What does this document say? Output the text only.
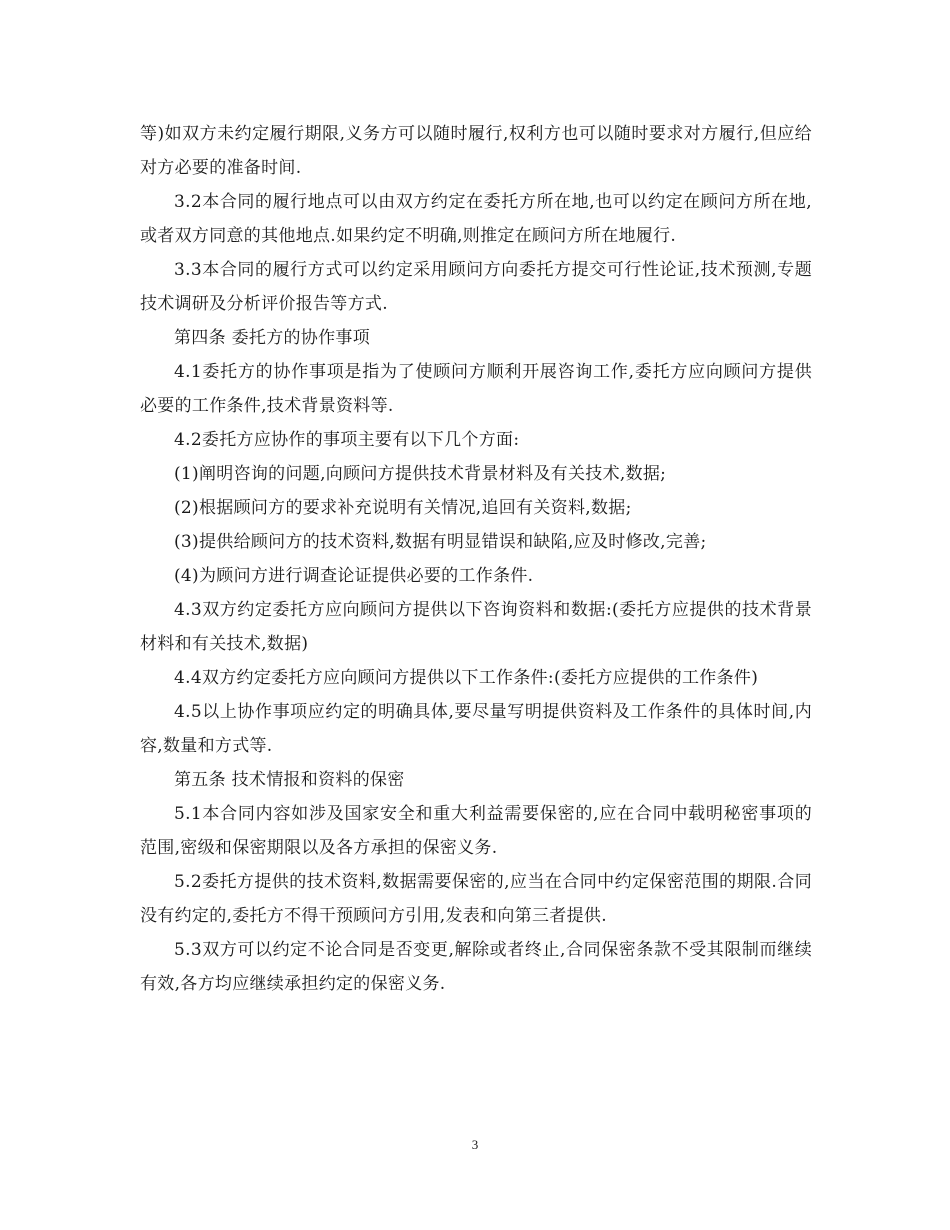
等)如双方未约定履行期限,义务方可以随时履行,权利方也可以随时要求对方履行,但应给对方必要的准备时间.

3.2本合同的履行地点可以由双方约定在委托方所在地,也可以约定在顾问方所在地,或者双方同意的其他地点.如果约定不明确,则推定在顾问方所在地履行.

3.3本合同的履行方式可以约定采用顾问方向委托方提交可行性论证,技术预测,专题技术调研及分析评价报告等方式.

第四条 委托方的协作事项

4.1委托方的协作事项是指为了使顾问方顺利开展咨询工作,委托方应向顾问方提供必要的工作条件,技术背景资料等.

4.2委托方应协作的事项主要有以下几个方面:

(1)阐明咨询的问题,向顾问方提供技术背景材料及有关技术,数据;

(2)根据顾问方的要求补充说明有关情况,追回有关资料,数据;

(3)提供给顾问方的技术资料,数据有明显错误和缺陷,应及时修改,完善;

(4)为顾问方进行调查论证提供必要的工作条件.

4.3双方约定委托方应向顾问方提供以下咨询资料和数据:(委托方应提供的技术背景材料和有关技术,数据)

4.4双方约定委托方应向顾问方提供以下工作条件:(委托方应提供的工作条件)

4.5以上协作事项应约定的明确具体,要尽量写明提供资料及工作条件的具体时间,内容,数量和方式等.

第五条 技术情报和资料的保密

5.1本合同内容如涉及国家安全和重大利益需要保密的,应在合同中载明秘密事项的范围,密级和保密期限以及各方承担的保密义务.

5.2委托方提供的技术资料,数据需要保密的,应当在合同中约定保密范围的期限.合同没有约定的,委托方不得干预顾问方引用,发表和向第三者提供.

5.3双方可以约定不论合同是否变更,解除或者终止,合同保密条款不受其限制而继续有效,各方均应继续承担约定的保密义务.

3
